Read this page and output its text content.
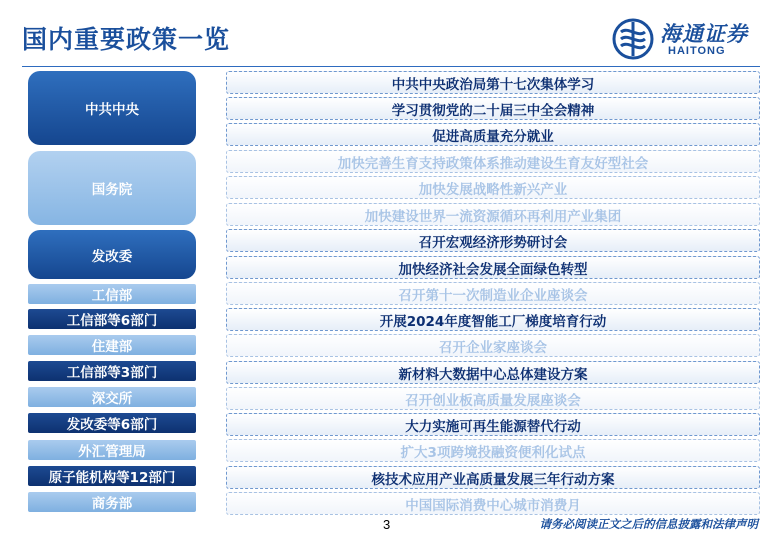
国内重要政策一览	海通证券
HAITONG
中共中央
国务院
发改委
工信部
工信部等6部门
住建部
工信部等3部门
深交所
发改委等6部门
外汇管理局
原子能机构等12部门
商务部
中共中央政治局第十七次集体学习
学习贯彻党的二十届三中全会精神
促进高质量充分就业
加快完善生育支持政策体系推动建设生育友好型社会
加快发展战略性新兴产业
加快建设世界一流资源循环再利用产业集团
召开宏观经济形势研讨会
加快经济社会发展全面绿色转型
召开第十一次制造业企业座谈会
开展2024年度智能工厂梯度培育行动
召开企业家座谈会
新材料大数据中心总体建设方案
召开创业板高质量发展座谈会
大力实施可再生能源替代行动
扩大3项跨境投融资便利化试点
核技术应用产业高质量发展三年行动方案
中国国际消费中心城市消费月
3	请务必阅读正文之后的信息披露和法律声明
